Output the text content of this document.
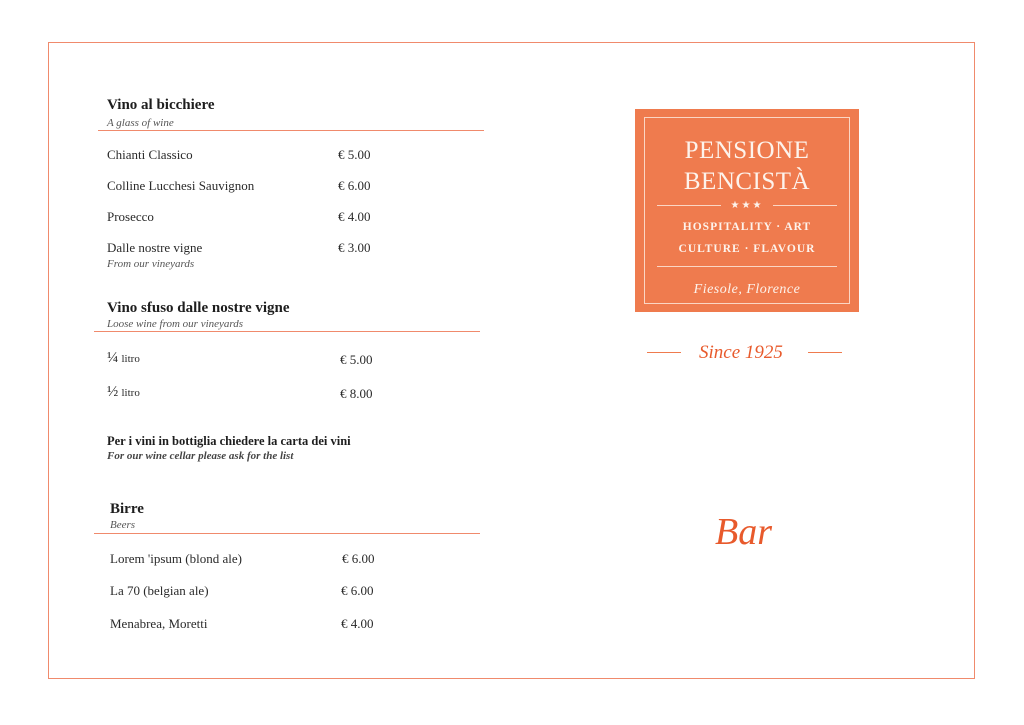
Vino al bicchiere
A glass of wine
Chianti Classico	€ 5.00
Colline Lucchesi Sauvignon	€ 6.00
Prosecco	€ 4.00
Dalle nostre vigne	€ 3.00
From our vineyards
Vino sfuso dalle nostre vigne
Loose wine from our vineyards
¼ litro	€ 5.00
½ litro	€ 8.00
Per i vini in bottiglia chiedere la carta dei vini
For our wine cellar please ask for the list
Birre
Beers
Lorem 'ipsum (blond ale)	€ 6.00
La 70 (belgian ale)	€ 6.00
Menabrea, Moretti	€ 4.00
PENSIONE
BENCISTÀ
★★★
HOSPITALITY · ART
CULTURE · FLAVOUR
Fiesole, Florence
Since 1925
Bar
